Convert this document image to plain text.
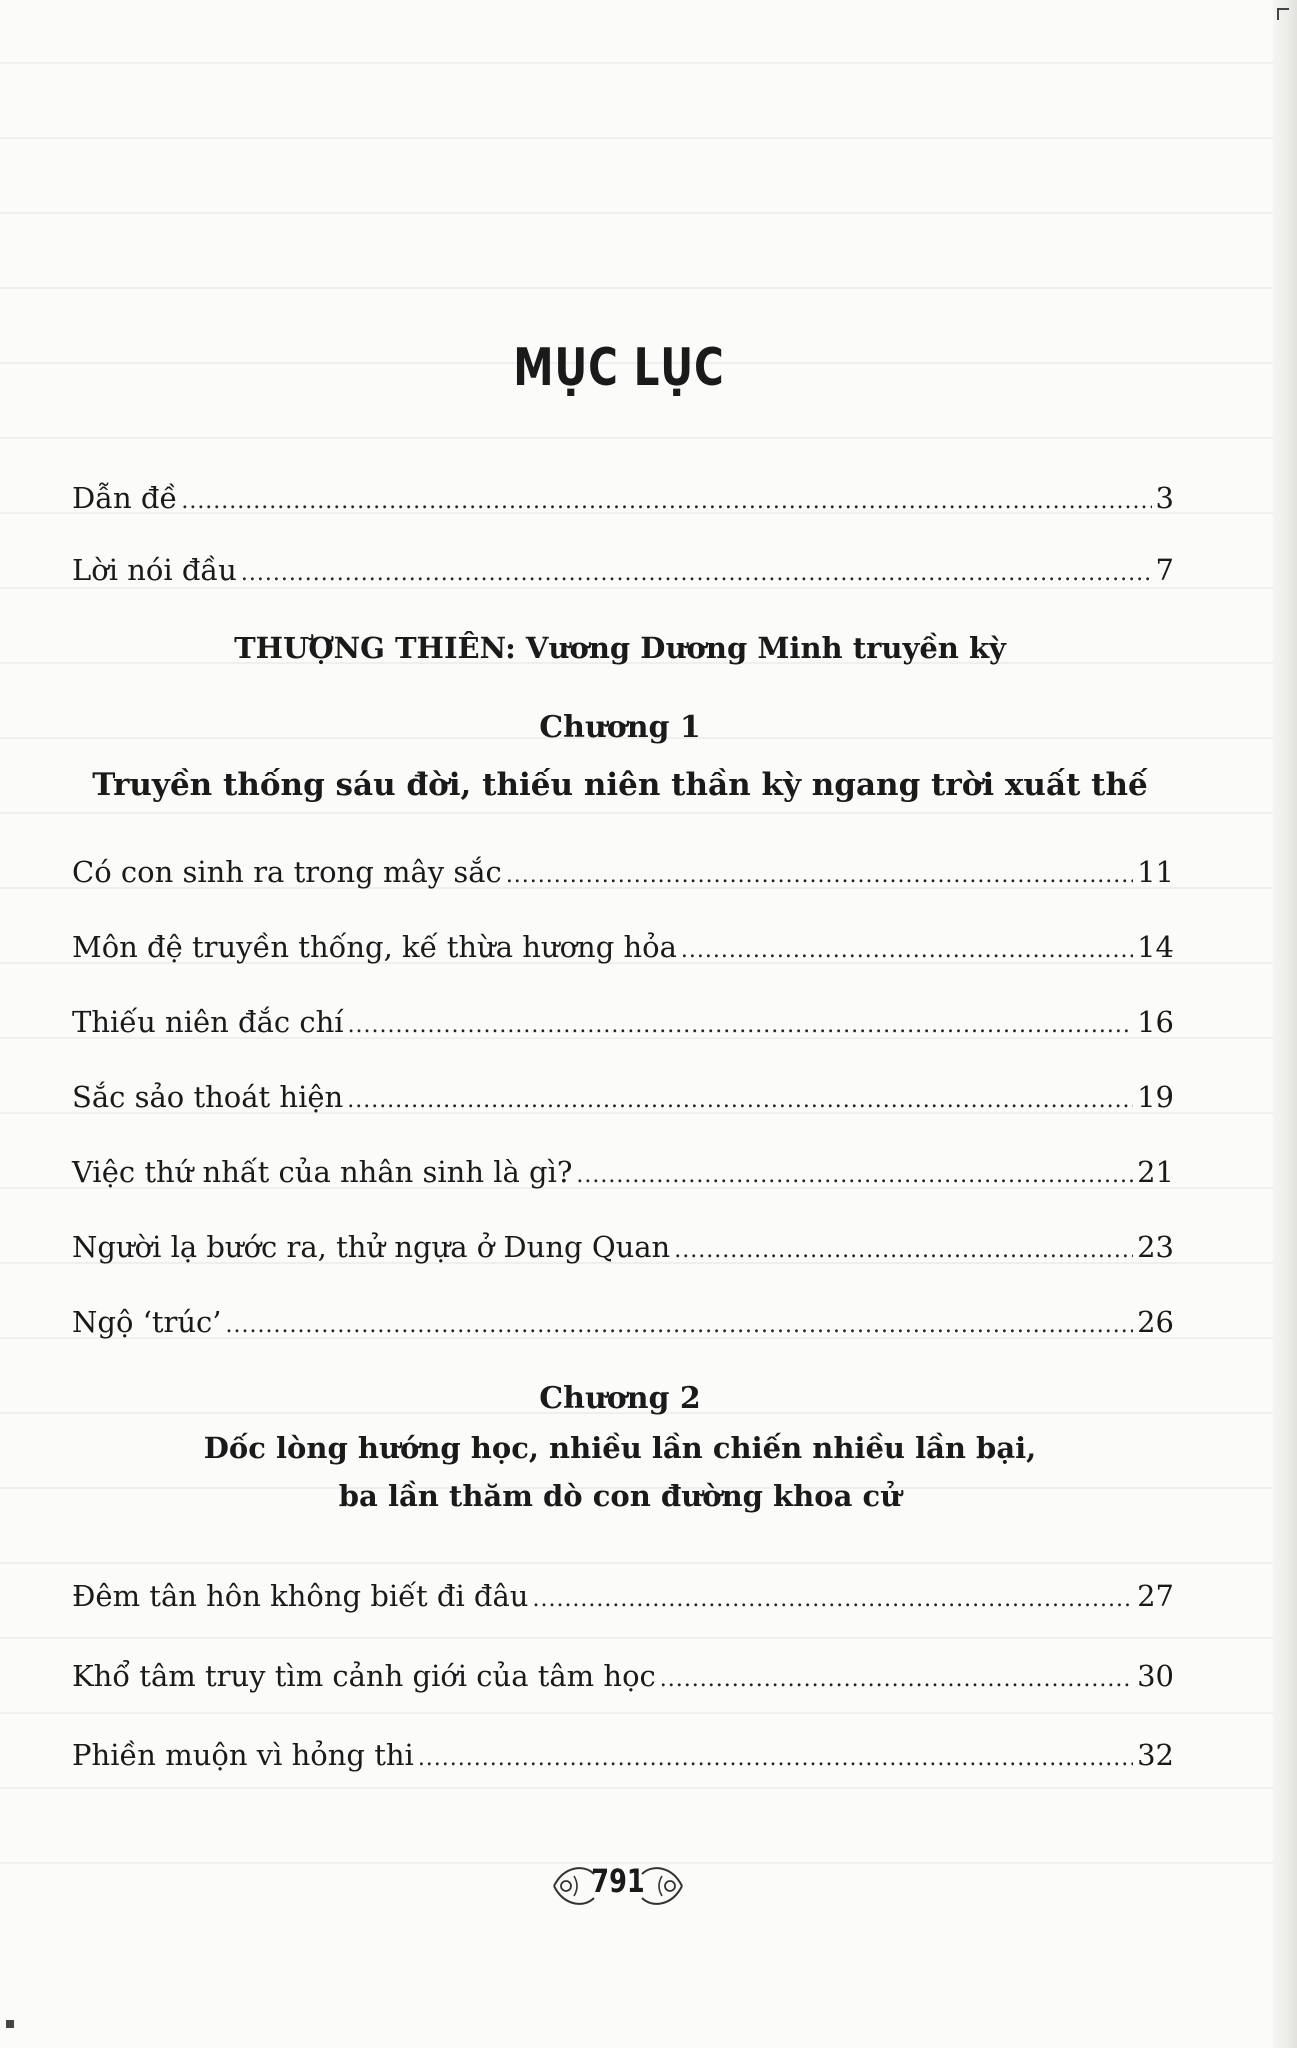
MỤC LỤC
Dẫn đề .....	3
Lời nói đầu .....	7
THƯỢNG THIÊN: Vương Dương Minh truyền kỳ
Chương 1
Truyền thống sáu đời, thiếu niên thần kỳ ngang trời xuất thế
Có con sinh ra trong mây sắc .....	11
Môn đệ truyền thống, kế thừa hương hỏa .....	14
Thiếu niên đắc chí .....	16
Sắc sảo thoát hiện .....	19
Việc thứ nhất của nhân sinh là gì? .....	21
Người lạ bước ra, thử ngựa ở Dung Quan .....	23
Ngộ ‘trúc’ .....	26
Chương 2
Dốc lòng hướng học, nhiều lần chiến nhiều lần bại,
ba lần thăm dò con đường khoa cử
Đêm tân hôn không biết đi đâu .....	27
Khổ tâm truy tìm cảnh giới của tâm học .....	30
Phiền muộn vì hỏng thi .....	32
791
